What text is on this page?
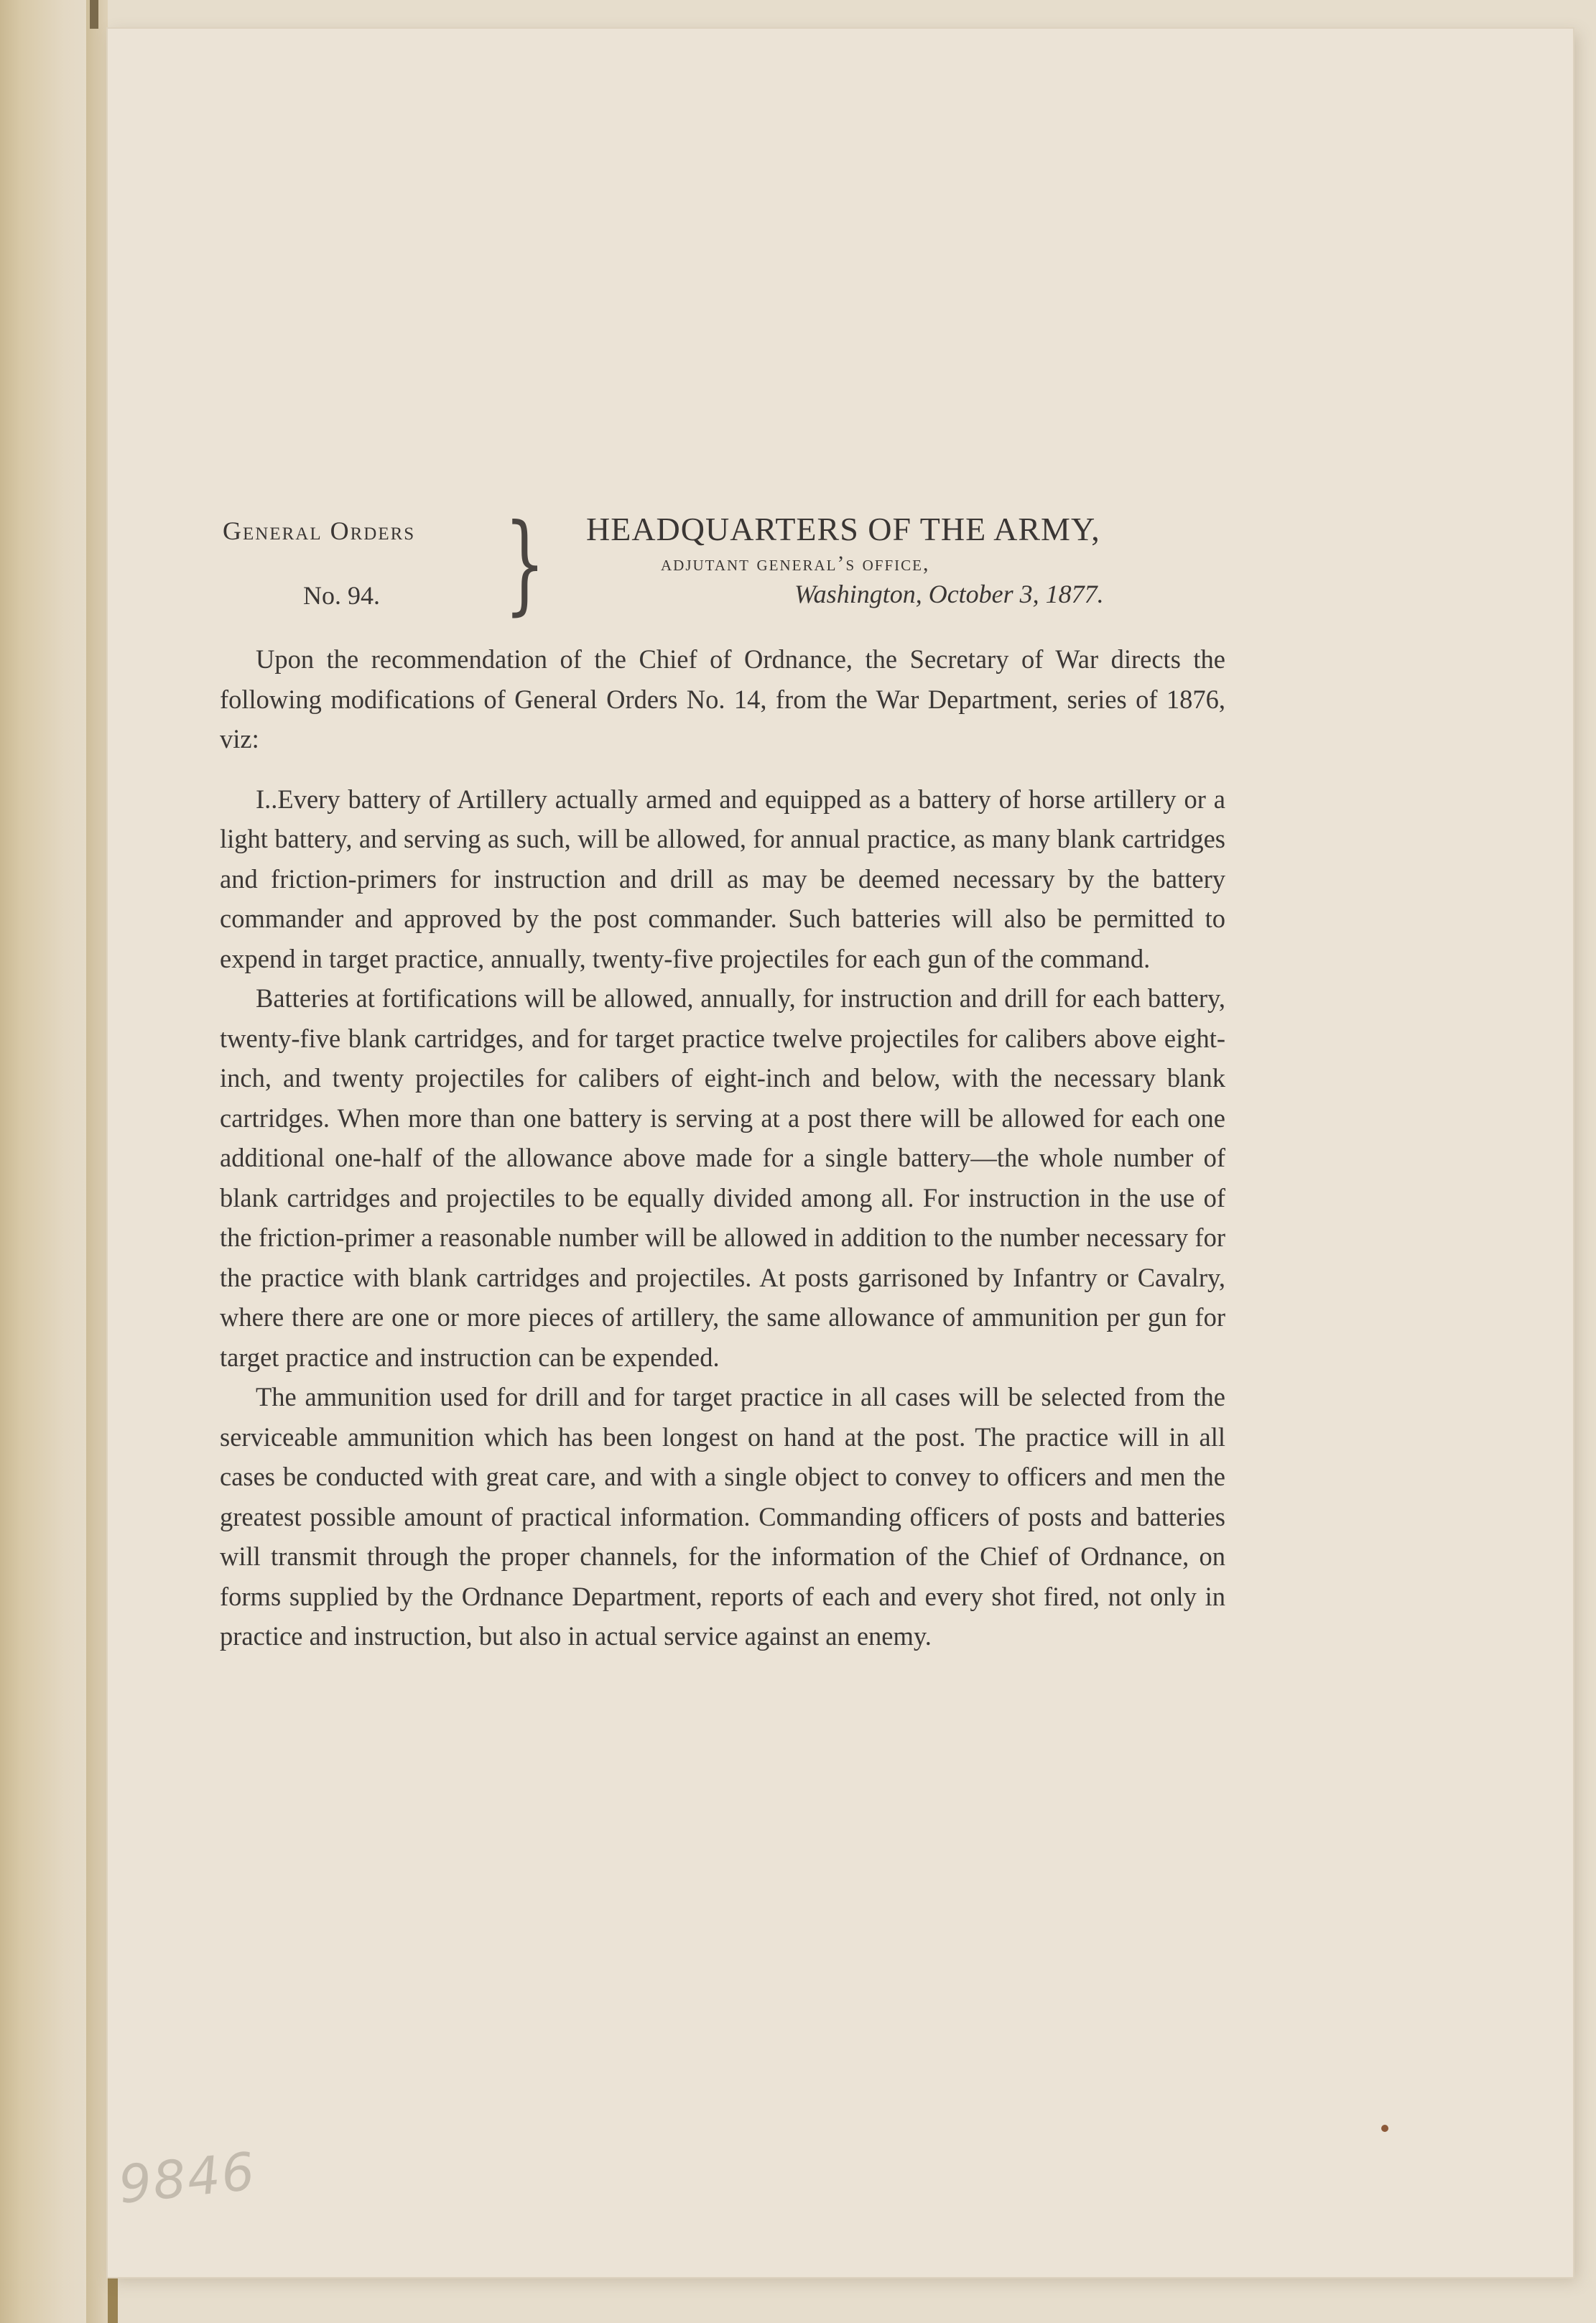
General Orders
No. 94. } HEADQUARTERS OF THE ARMY,
adjutant general’s office,
Washington, October 3, 1877.

Upon the recommendation of the Chief of Ordnance, the Secretary of War directs the following modifications of General Orders No. 14, from the War Department, series of 1876, viz:

I..Every battery of Artillery actually armed and equipped as a battery of horse artillery or a light battery, and serving as such, will be allowed, for annual practice, as many blank cartridges and friction-primers for instruction and drill as may be deemed necessary by the battery commander and approved by the post commander. Such batteries will also be permitted to expend in target practice, annually, twenty-five projectiles for each gun of the command.

Batteries at fortifications will be allowed, annually, for instruction and drill for each battery, twenty-five blank cartridges, and for target practice twelve projectiles for calibers above eight-inch, and twenty projectiles for calibers of eight-inch and below, with the necessary blank cartridges. When more than one battery is serving at a post there will be allowed for each one additional one-half of the allowance above made for a single battery—the whole number of blank cartridges and projectiles to be equally divided among all. For instruction in the use of the friction-primer a reasonable number will be allowed in addition to the number necessary for the practice with blank cartridges and projectiles. At posts garrisoned by Infantry or Cavalry, where there are one or more pieces of artillery, the same allowance of ammunition per gun for target practice and instruction can be expended.

The ammunition used for drill and for target practice in all cases will be selected from the serviceable ammunition which has been longest on hand at the post. The practice will in all cases be conducted with great care, and with a single object to convey to officers and men the greatest possible amount of practical information. Commanding officers of posts and batteries will transmit through the proper channels, for the information of the Chief of Ordnance, on forms supplied by the Ordnance Department, reports of each and every shot fired, not only in practice and instruction, but also in actual service against an enemy.

9846
